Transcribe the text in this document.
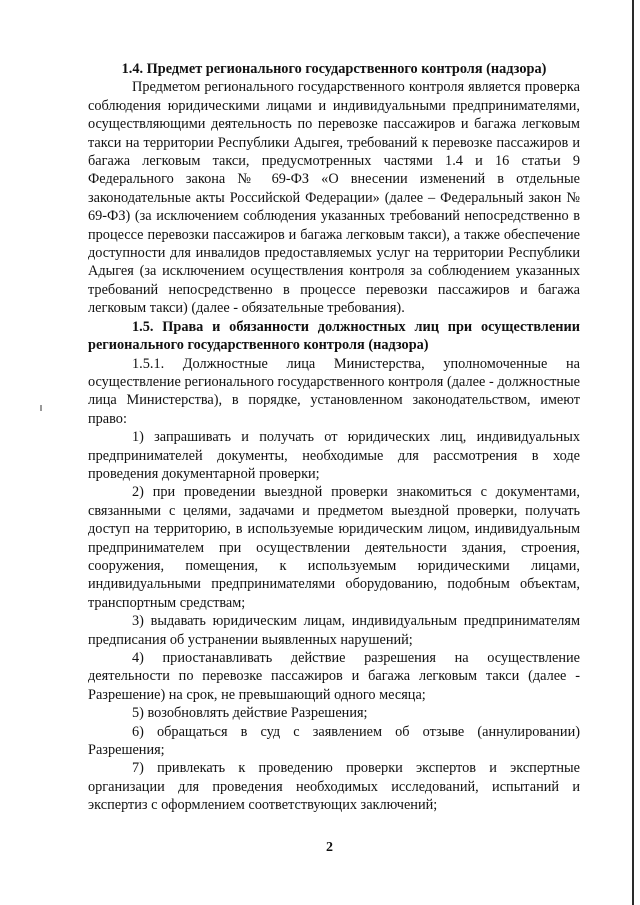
1.4. Предмет регионального государственного контроля (надзора)

Предметом регионального государственного контроля является проверка соблюдения юридическими лицами и индивидуальными предпринимателями, осуществляющими деятельность по перевозке пассажиров и багажа легковым такси на территории Республики Адыгея, требований к перевозке пассажиров и багажа легковым такси, предусмотренных частями 1.4 и 16 статьи 9 Федерального закона № 69-ФЗ «О внесении изменений в отдельные законодательные акты Российской Федерации» (далее – Федеральный закон № 69-ФЗ) (за исключением соблюдения указанных требований непосредственно в процессе перевозки пассажиров и багажа легковым такси), а также обеспечение доступности для инвалидов предоставляемых услуг на территории Республики Адыгея (за исключением осуществления контроля за соблюдением указанных требований непосредственно в процессе перевозки пассажиров и багажа легковым такси) (далее - обязательные требования).

1.5. Права и обязанности должностных лиц при осуществлении регионального государственного контроля (надзора)

1.5.1. Должностные лица Министерства, уполномоченные на осуществление регионального государственного контроля (далее - должностные лица Министерства), в порядке, установленном законодательством, имеют право:

1) запрашивать и получать от юридических лиц, индивидуальных предпринимателей документы, необходимые для рассмотрения в ходе проведения документарной проверки;

2) при проведении выездной проверки знакомиться с документами, связанными с целями, задачами и предметом выездной проверки, получать доступ на территорию, в используемые юридическим лицом, индивидуальным предпринимателем при осуществлении деятельности здания, строения, сооружения, помещения, к используемым юридическими лицами, индивидуальными предпринимателями оборудованию, подобным объектам, транспортным средствам;

3) выдавать юридическим лицам, индивидуальным предпринимателям предписания об устранении выявленных нарушений;

4) приостанавливать действие разрешения на осуществление деятельности по перевозке пассажиров и багажа легковым такси (далее - Разрешение) на срок, не превышающий одного месяца;

5) возобновлять действие Разрешения;

6) обращаться в суд с заявлением об отзыве (аннулировании) Разрешения;

7) привлекать к проведению проверки экспертов и экспертные организации для проведения необходимых исследований, испытаний и экспертиз с оформлением соответствующих заключений;

2
